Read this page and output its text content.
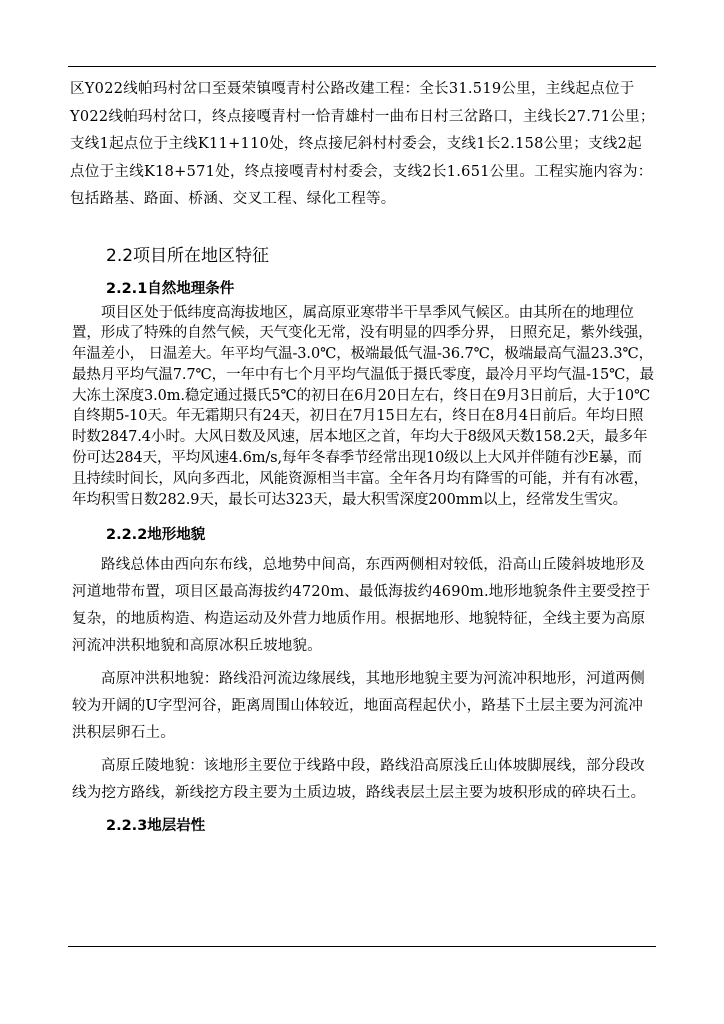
区Y022线帕玛村岔口至聂荣镇嘎青村公路改建工程：全长31.519公里，主线起点位于Y022线帕玛村岔口，终点接嘎青村一恰青雄村一曲布日村三岔路口，主线长27.71公里；支线1起点位于主线K11+110处，终点接尼斜村村委会，支线1长2.158公里；支线2起点位于主线K18+571处，终点接嘎青村村委会，支线2长1.651公里。工程实施内容为：包括路基、路面、桥涵、交叉工程、绿化工程等。

2.2项目所在地区特征
2.2.1自然地理条件

项目区处于低纬度高海拔地区，属高原亚寒带半干旱季风气候区。由其所在的地理位置，形成了特殊的自然气候，天气变化无常，没有明显的四季分界， 日照充足，紫外线强，年温差小， 日温差大。年平均气温-3.0℃，极端最低气温-36.7℃，极端最高气温23.3℃，最热月平均气温7.7℃，一年中有七个月平均气温低于摄氏零度，最冷月平均气温-15℃，最大冻土深度3.0m.稳定通过摄氏5℃的初日在6月20日左右，终日在9月3日前后，大于10℃自终期5-10天。年无霜期只有24天，初日在7月15日左右，终日在8月4日前后。年均日照时数2847.4小时。大风日数及风速，居本地区之首，年均大于8级风天数158.2天，最多年份可达284天，平均风速4.6m/s,每年冬春季节经常出现10级以上大风并伴随有沙E暴，而且持续时间长，风向多西北，风能资源相当丰富。全年各月均有降雪的可能，并有有冰雹，年均积雪日数282.9天，最长可达323天，最大积雪深度200mm以上，经常发生雪灾。

2.2.2地形地貌

路线总体由西向东布线，总地势中间高，东西两侧相对较低，沿高山丘陵斜坡地形及河道地带布置，项目区最高海拔约4720m、最低海拔约4690m.地形地貌条件主要受控于复杂，的地质构造、构造运动及外营力地质作用。根据地形、地貌特征，全线主要为高原河流冲洪积地貌和高原冰积丘坡地貌。

高原冲洪积地貌：路线沿河流边缘展线，其地形地貌主要为河流冲积地形，河道两侧较为开阔的U字型河谷，距离周围山体较近，地面高程起伏小，路基下土层主要为河流冲洪积层卵石土。

高原丘陵地貌：该地形主要位于线路中段，路线沿高原浅丘山体坡脚展线，部分段改线为挖方路线，新线挖方段主要为土质边坡，路线表层土层主要为坡积形成的碎块石土。

2.2.3地层岩性
